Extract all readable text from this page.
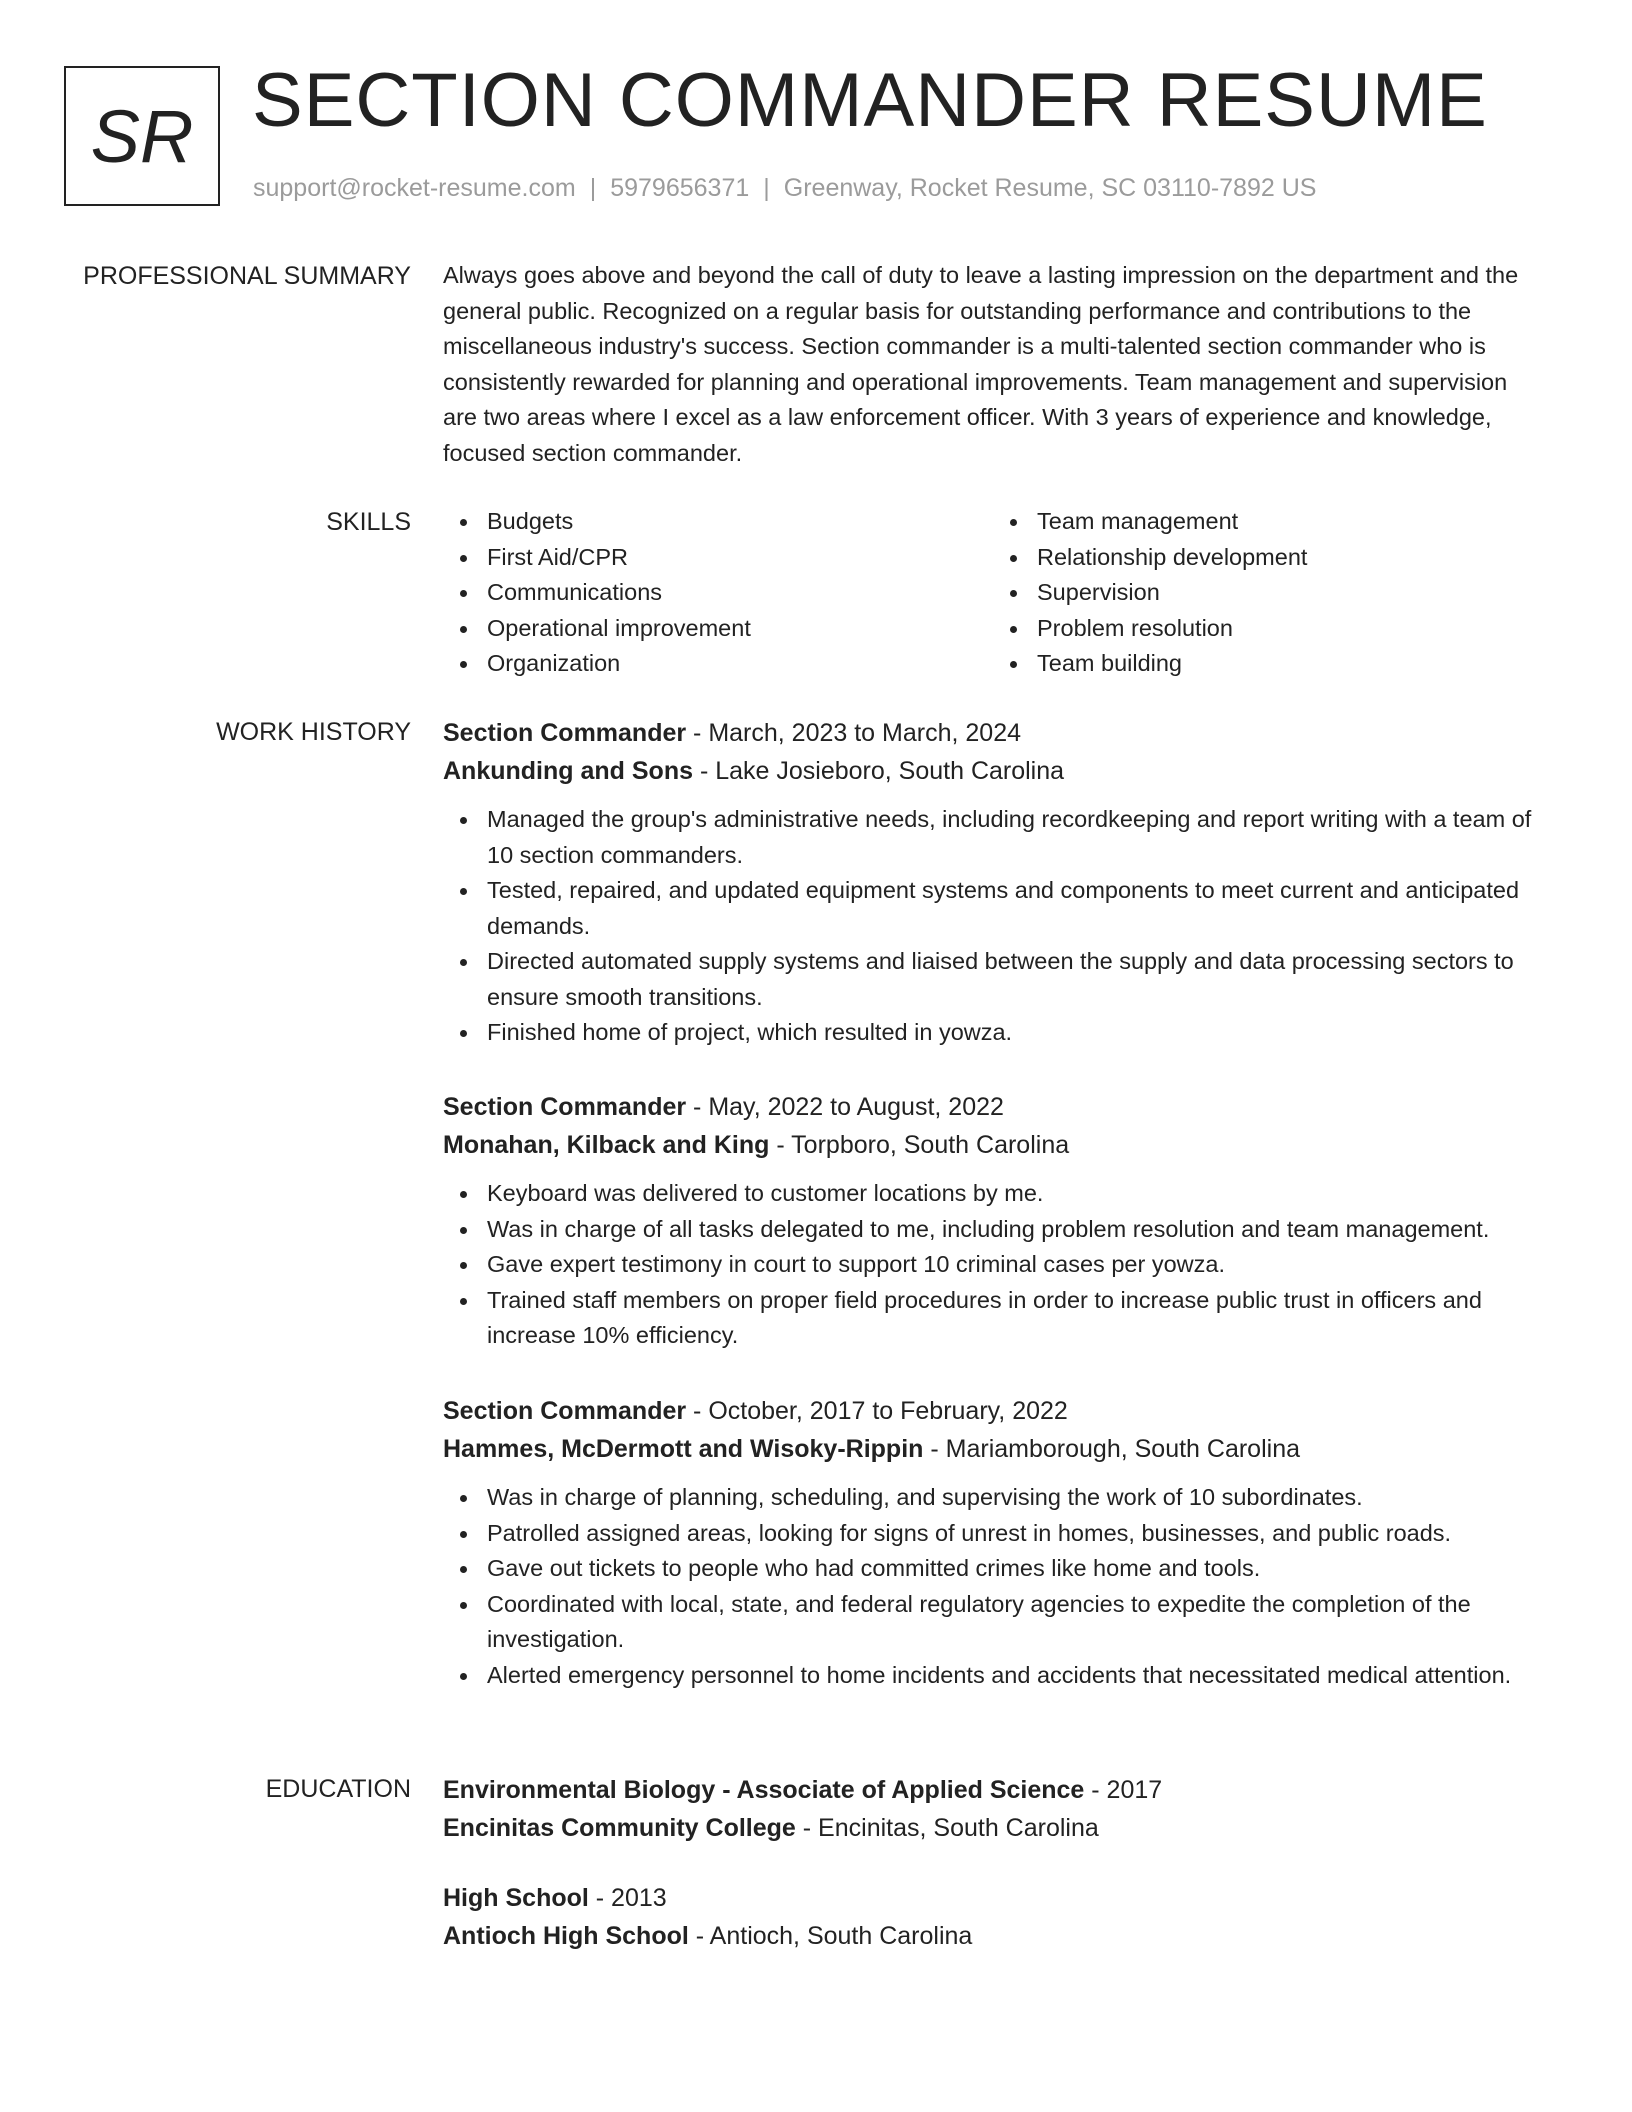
SR SECTION COMMANDER RESUME
support@rocket-resume.com | 5979656371 | Greenway, Rocket Resume, SC 03110-7892 US
PROFESSIONAL SUMMARY Always goes above and beyond the call of duty to leave a lasting impression on the department and the general public. Recognized on a regular basis for outstanding performance and contributions to the miscellaneous industry's success. Section commander is a multi-talented section commander who is consistently rewarded for planning and operational improvements. Team management and supervision are two areas where I excel as a law enforcement officer. With 3 years of experience and knowledge, focused section commander.

SKILLS	Budgets
First Aid/CPR
Communications
Operational improvement
Organization
Team management
Relationship development
Supervision
Problem resolution
Team building
WORK HISTORY Section Commander - March, 2023 to March, 2024
Ankunding and Sons - Lake Josieboro, South Carolina
Managed the group's administrative needs, including recordkeeping and report writing with a team of 10 section commanders.
Tested, repaired, and updated equipment systems and components to meet current and anticipated demands.
Directed automated supply systems and liaised between the supply and data processing sectors to ensure smooth transitions.
Finished home of project, which resulted in yowza.
Section Commander - May, 2022 to August, 2022
Monahan, Kilback and King - Torpboro, South Carolina
Keyboard was delivered to customer locations by me.
Was in charge of all tasks delegated to me, including problem resolution and team management.
Gave expert testimony in court to support 10 criminal cases per yowza.
Trained staff members on proper field procedures in order to increase public trust in officers and increase 10% efficiency.
Section Commander - October, 2017 to February, 2022
Hammes, McDermott and Wisoky-Rippin - Mariamborough, South Carolina
Was in charge of planning, scheduling, and supervising the work of 10 subordinates.
Patrolled assigned areas, looking for signs of unrest in homes, businesses, and public roads.
Gave out tickets to people who had committed crimes like home and tools.
Coordinated with local, state, and federal regulatory agencies to expedite the completion of the investigation.
Alerted emergency personnel to home incidents and accidents that necessitated medical attention.
EDUCATION Environmental Biology - Associate of Applied Science - 2017
Encinitas Community College - Encinitas, South Carolina
High School - 2013
Antioch High School - Antioch, South Carolina
